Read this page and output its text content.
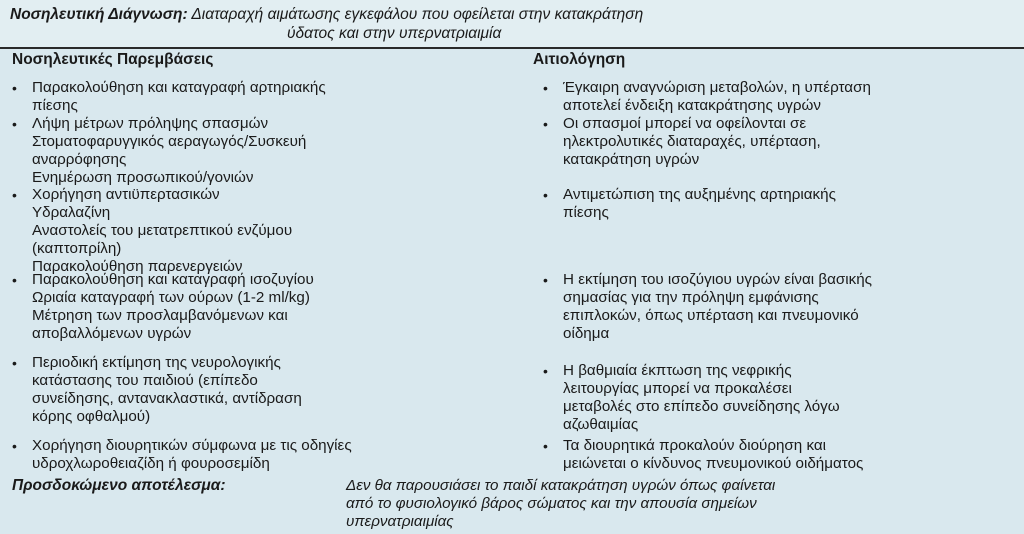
Νοσηλευτική Διάγνωση: Διαταραχή αιμάτωσης εγκεφάλου που οφείλεται στην κατακράτηση
ύδατος και στην υπερνατριαιμία
Νοσηλευτικές Παρεμβάσεις	Αιτιολόγηση
• Παρακολούθηση και καταγραφή αρτηριακής
πίεσης
• Έγκαιρη αναγνώριση μεταβολών, η υπέρταση
αποτελεί ένδειξη κατακράτησης υγρών
• Λήψη μέτρων πρόληψης σπασμών
Στοματοφαρυγγικός αεραγωγός/Συσκευή
αναρρόφησης
Ενημέρωση προσωπικού/γονιών
• Οι σπασμοί μπορεί να οφείλονται σε
ηλεκτρολυτικές διαταραχές, υπέρταση,
κατακράτηση υγρών
• Χορήγηση αντιϋπερτασικών
Υδραλαζίνη
Αναστολείς του μετατρεπτικού ενζύμου
(καπτοπρίλη)
Παρακολούθηση παρενεργειών
• Αντιμετώπιση της αυξημένης αρτηριακής
πίεσης
• Παρακολούθηση και καταγραφή ισοζυγίου
Ωριαία καταγραφή των ούρων (1-2 ml/kg)
Μέτρηση των προσλαμβανόμενων και
αποβαλλόμενων υγρών
• Η εκτίμηση του ισοζύγιου υγρών είναι βασικής
σημασίας για την πρόληψη εμφάνισης
επιπλοκών, όπως υπέρταση και πνευμονικό
οίδημα
• Περιοδική εκτίμηση της νευρολογικής
κατάστασης του παιδιού (επίπεδο
συνείδησης, αντανακλαστικά, αντίδραση
κόρης οφθαλμού)
• Η βαθμιαία έκπτωση της νεφρικής
λειτουργίας μπορεί να προκαλέσει
μεταβολές στο επίπεδο συνείδησης λόγω
αζωθαιμίας
• Χορήγηση διουρητικών σύμφωνα με τις οδηγίες
υδροχλωροθειαζίδη ή φουροσεμίδη
• Τα διουρητικά προκαλούν διούρηση και
μειώνεται ο κίνδυνος πνευμονικού οιδήματος
Προσδοκώμενο αποτέλεσμα:	Δεν θα παρουσιάσει το παιδί κατακράτηση υγρών όπως φαίνεται
από το φυσιολογικό βάρος σώματος και την απουσία σημείων
υπερνατριαιμίας
